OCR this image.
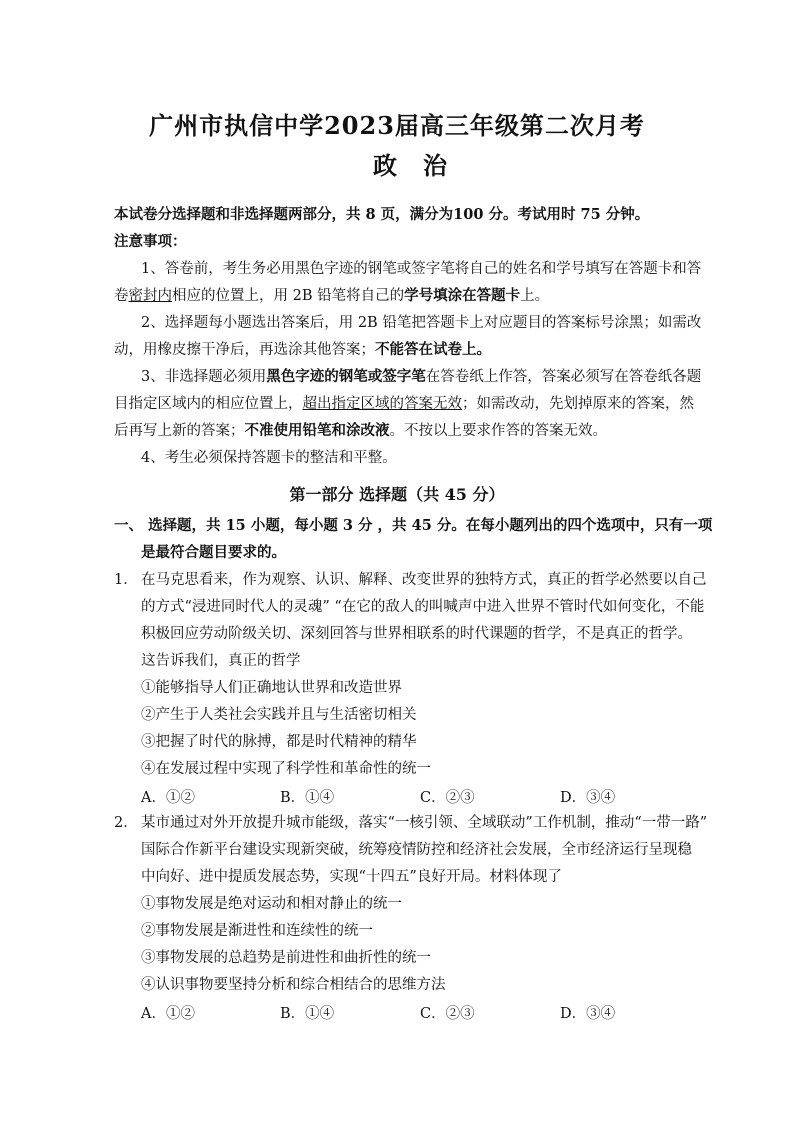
广州市执信中学2023届高三年级第二次月考
政治
本试卷分选择题和非选择题两部分，共 8 页，满分为100 分。考试用时 75 分钟。
注意事项：
1、答卷前，考生务必用黑色字迹的钢笔或签字笔将自己的姓名和学号填写在答题卡和答
卷密封内相应的位置上，用 2B 铅笔将自己的学号填涂在答题卡上。
2、选择题每小题选出答案后，用 2B 铅笔把答题卡上对应题目的答案标号涂黑；如需改
动，用橡皮擦干净后，再选涂其他答案；不能答在试卷上。
3、非选择题必须用黑色字迹的钢笔或签字笔在答卷纸上作答，答案必须写在答卷纸各题
目指定区域内的相应位置上，超出指定区域的答案无效；如需改动，先划掉原来的答案，然
后再写上新的答案；不准使用铅笔和涂改液。不按以上要求作答的答案无效。
4、考生必须保持答题卡的整洁和平整。
第一部分 选择题（共 45 分）
一、 选择题，共 15 小题，每小题 3 分 ，共 45 分。在每小题列出的四个选项中，只有一项
是最符合题目要求的。
1． 在马克思看来，作为观察、认识、解释、改变世界的独特方式，真正的哲学必然要以自己
的方式“浸进同时代人的灵魂” “在它的敌人的叫喊声中进入世界不管时代如何变化，不能
积极回应劳动阶级关切、深刻回答与世界相联系的时代课题的哲学，不是真正的哲学。
这告诉我们，真正的哲学
①能够指导人们正确地认世界和改造世界
②产生于人类社会实践并且与生活密切相关
③把握了时代的脉搏，都是时代精神的精华
④在发展过程中实现了科学性和革命性的统一
A．①②	B．①④	C．②③	D．③④
2． 某市通过对外开放提升城市能级，落实“一核引领、全域联动”工作机制，推动“一带一路”
国际合作新平台建设实现新突破，统筹疫情防控和经济社会发展，全市经济运行呈现稳
中向好、进中提质发展态势，实现“十四五”良好开局。材料体现了
①事物发展是绝对运动和相对静止的统一
②事物发展是渐进性和连续性的统一
③事物发展的总趋势是前进性和曲折性的统一
④认识事物要坚持分析和综合相结合的思维方法
A．①②	B．①④	C．②③	D．③④
